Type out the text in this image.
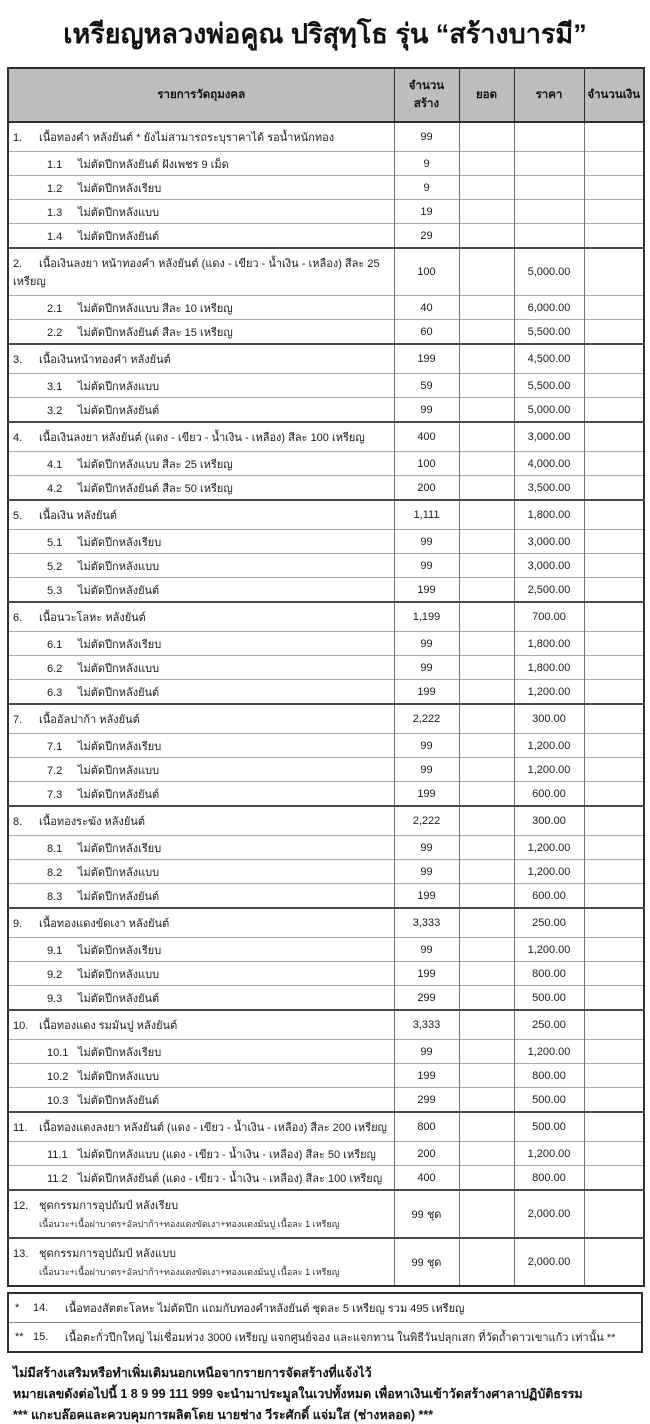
เหรียญหลวงพ่อคูณ ปริสุทฺโธ รุ่น “สร้างบารมี”
รายการวัดถุมงคล	จำนวนสร้าง	ยอด	ราคา	จำนวนเงิน
1. เนื้อทองคำ หลังยันต์ * ยังไม่สามารถระบุราคาได้ รอน้ำหนักทอง	99			
1.1 ไม่ตัดปีกหลังยันต์ ฝังเพชร 9 เม็ด	9			
1.2 ไม่ตัดปีกหลังเรียบ	9			
1.3 ไม่ตัดปีกหลังแบบ	19			
1.4 ไม่ตัดปีกหลังยันต์	29			
2. เนื้อเงินลงยา หน้าทองคำ หลังยันต์ (แดง - เขียว - น้ำเงิน - เหลือง) สีละ 25 เหรียญ	100		5,000.00	
2.1 ไม่ตัดปีกหลังแบบ สีละ 10 เหรียญ	40		6,000.00	
2.2 ไม่ตัดปีกหลังยันต์ สีละ 15 เหรียญ	60		5,500.00	
3. เนื้อเงินหน้าทองคำ หลังยันต์	199		4,500.00	
3.1 ไม่ตัดปีกหลังแบบ	59		5,500.00	
3.2 ไม่ตัดปีกหลังยันต์	99		5,000.00	
4. เนื้อเงินลงยา หลังยันต์ (แดง - เขียว - น้ำเงิน - เหลือง) สีละ 100 เหรียญ	400		3,000.00	
4.1 ไม่ตัดปีกหลังแบบ สีละ 25 เหรียญ	100		4,000.00	
4.2 ไม่ตัดปีกหลังยันต์ สีละ 50 เหรียญ	200		3,500.00	
5. เนื้อเงิน หลังยันต์	1,111		1,800.00	
5.1 ไม่ตัดปีกหลังเรียบ	99		3,000.00	
5.2 ไม่ตัดปีกหลังแบบ	99		3,000.00	
5.3 ไม่ตัดปีกหลังยันต์	199		2,500.00	
6. เนื้อนวะโลหะ หลังยันต์	1,199		700.00	
6.1 ไม่ตัดปีกหลังเรียบ	99		1,800.00	
6.2 ไม่ตัดปีกหลังแบบ	99		1,800.00	
6.3 ไม่ตัดปีกหลังยันต์	199		1,200.00	
7. เนื้ออัลปาก้า หลังยันต์	2,222		300.00	
7.1 ไม่ตัดปีกหลังเรียบ	99		1,200.00	
7.2 ไม่ตัดปีกหลังแบบ	99		1,200.00	
7.3 ไม่ตัดปีกหลังยันต์	199		600.00	
8. เนื้อทองระฆัง หลังยันต์	2,222		300.00	
8.1 ไม่ตัดปีกหลังเรียบ	99		1,200.00	
8.2 ไม่ตัดปีกหลังแบบ	99		1,200.00	
8.3 ไม่ตัดปีกหลังยันต์	199		600.00	
9. เนื้อทองแดงขัดเงา หลังยันต์	3,333		250.00	
9.1 ไม่ตัดปีกหลังเรียบ	99		1,200.00	
9.2 ไม่ตัดปีกหลังแบบ	199		800.00	
9.3 ไม่ตัดปีกหลังยันต์	299		500.00	
10. เนื้อทองแดง รมมันปู หลังยันต์	3,333		250.00	
10.1 ไม่ตัดปีกหลังเรียบ	99		1,200.00	
10.2 ไม่ตัดปีกหลังแบบ	199		800.00	
10.3 ไม่ตัดปีกหลังยันต์	299		500.00	
11. เนื้อทองแดงลงยา หลังยันต์ (แดง - เขียว - น้ำเงิน - เหลือง) สีละ 200 เหรียญ	800		500.00	
11.1 ไม่ตัดปีกหลังแบบ (แดง - เขียว - น้ำเงิน - เหลือง) สีละ 50 เหรียญ	200		1,200.00	
11.2 ไม่ตัดปีกหลังยันต์ (แดง - เขียว - น้ำเงิน - เหลือง) สีละ 100 เหรียญ	400		800.00	
12. ชุดกรรมการอุปถัมป์ หลังเรียบ
เนื้อนวะ+เนื้อฝาบาตร+อัลปาก้า+ทองแดงขัดเงา+ทองแดงมันปู เนื้อละ 1 เหรียญ	99 ชุด		2,000.00	
13. ชุดกรรมการอุปถัมป์ หลังแบบ
เนื้อนวะ+เนื้อฝาบาตร+อัลปาก้า+ทองแดงขัดเงา+ทองแดงมันปู เนื้อละ 1 เหรียญ	99 ชุด		2,000.00	
*	14.	เนื้อทองสัตตะโลหะ ไม่ตัดปีก แถมกับทองคำหลังยันต์ ชุดละ 5 เหรียญ รวม 495 เหรียญ
** 15.	เนื้อตะกั่วปีกใหญ่ ไม่เชื่อมห่วง 3000 เหรียญ แจกศูนย์จอง และแจกทาน ในพิธีวันปลุกเสก ที่วัดถ้ำดาวเขาแก้ว เท่านั้น **
ไม่มีสร้างเสริมหรือทำเพิ่มเติมนอกเหนือจากรายการจัดสร้างที่แจ้งไว้
หมายเลขดังต่อไปนี้ 1 8 9 99 111 999 จะนำมาประมูลในเวปทั้งหมด เพื่อหาเงินเข้าวัดสร้างศาลาปฏิบัติธรรม
*** แกะบล๊อคและควบคุมการผลิตโดย นายช่าง วีระศักดิ์ แจ่มใส (ช่างหลอด) ***
